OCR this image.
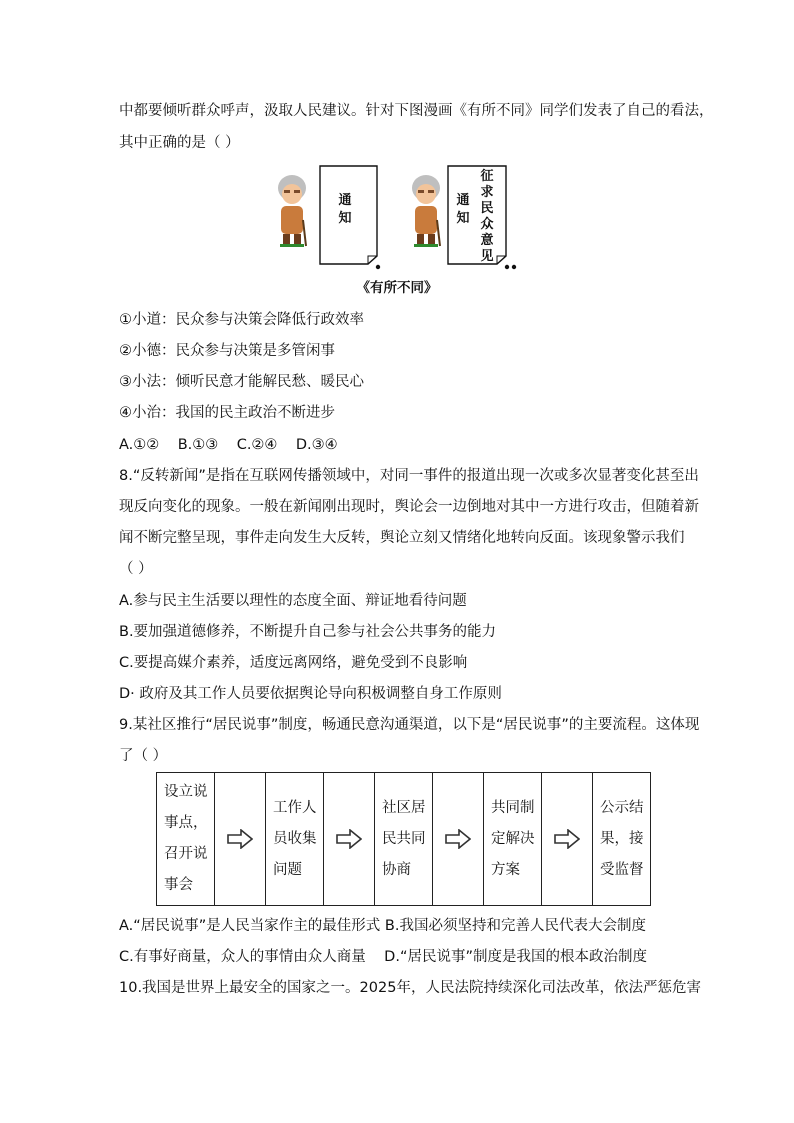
中都要倾听群众呼声，汲取人民建议。针对下图漫画《有所不同》同学们发表了自己的看法，
其中正确的是（ ）
通
知
通
知
征
求
民
众
意
见
《有所不同》
①小道：民众参与决策会降低行政效率
②小德：民众参与决策是多管闲事
③小法：倾听民意才能解民愁、暖民心
④小治：我国的民主政治不断进步
A.①②    B.①③    C.②④    D.③④
8.“反转新闻”是指在互联网传播领域中，对同一事件的报道出现一次或多次显著变化甚至出
现反向变化的现象。一般在新闻刚出现时，舆论会一边倒地对其中一方进行攻击，但随着新
闻不断完整呈现，事件走向发生大反转，舆论立刻又情绪化地转向反面。该现象警示我们
（ ）
A.参与民主生活要以理性的态度全面、辩证地看待问题
B.要加强道德修养，不断提升自己参与社会公共事务的能力
C.要提高媒介素养，适度远离网络，避免受到不良影响
D· 政府及其工作人员要依据舆论导向积极调整自身工作原则
9.某社区推行“居民说事”制度，畅通民意沟通渠道，以下是“居民说事”的主要流程。这体现
了（ ）
设立说事点，召开说事会

工作人员收集问题

社区居民共同协商

共同制定解决方案

公示结果，接受监督
A.“居民说事”是人民当家作主的最佳形式 B.我国必须坚持和完善人民代表大会制度
C.有事好商量，众人的事情由众人商量    D.“居民说事”制度是我国的根本政治制度
10.我国是世界上最安全的国家之一。2025年，人民法院持续深化司法改革，依法严惩危害
